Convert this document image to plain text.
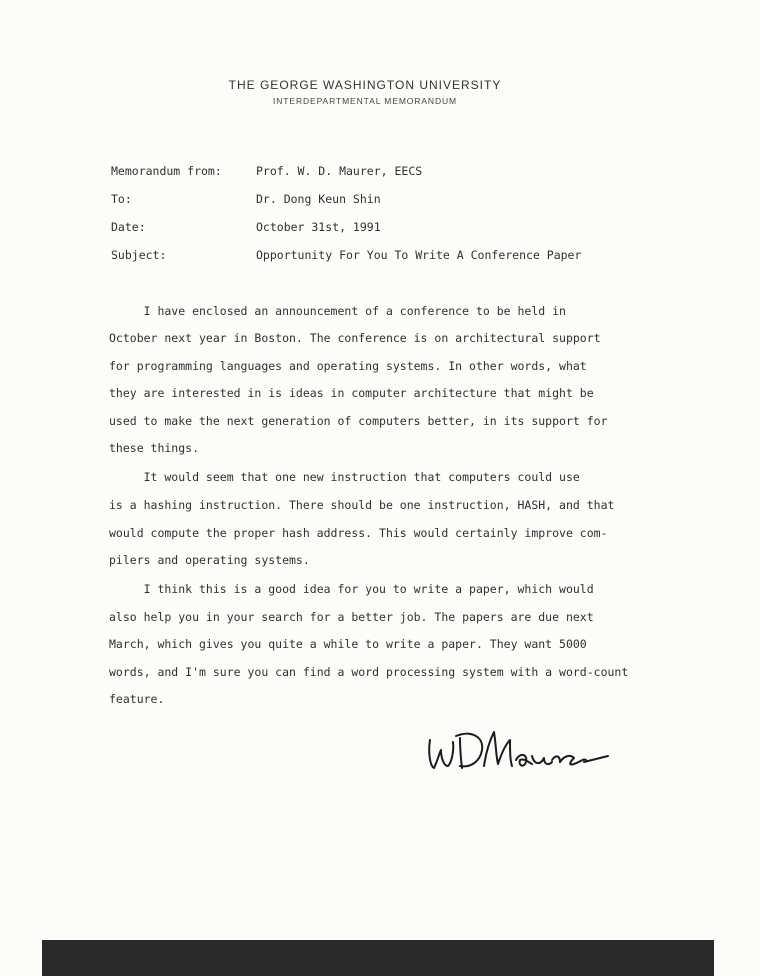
THE GEORGE WASHINGTON UNIVERSITY
INTERDEPARTMENTAL MEMORANDUM

Memorandum from:

	Prof. W. D. Maurer, EECS

To:

	Dr. Dong Keun Shin

Date:

	October 31st, 1991

Subject:

	Opportunity For You To Write A Conference Paper

I have enclosed an announcement of a conference to be held in
October next year in Boston. The conference is on architectural support
for programming languages and operating systems. In other words, what
they are interested in is ideas in computer architecture that might be
used to make the next generation of computers better, in its support for
these things.
It would seem that one new instruction that computers could use
is a hashing instruction. There should be one instruction, HASH, and that
would compute the proper hash address. This would certainly improve com-
pilers and operating systems.
I think this is a good idea for you to write a paper, which would
also help you in your search for a better job. The papers are due next
March, which gives you quite a while to write a paper. They want 5000
words, and I'm sure you can find a word processing system with a word-count
feature.
